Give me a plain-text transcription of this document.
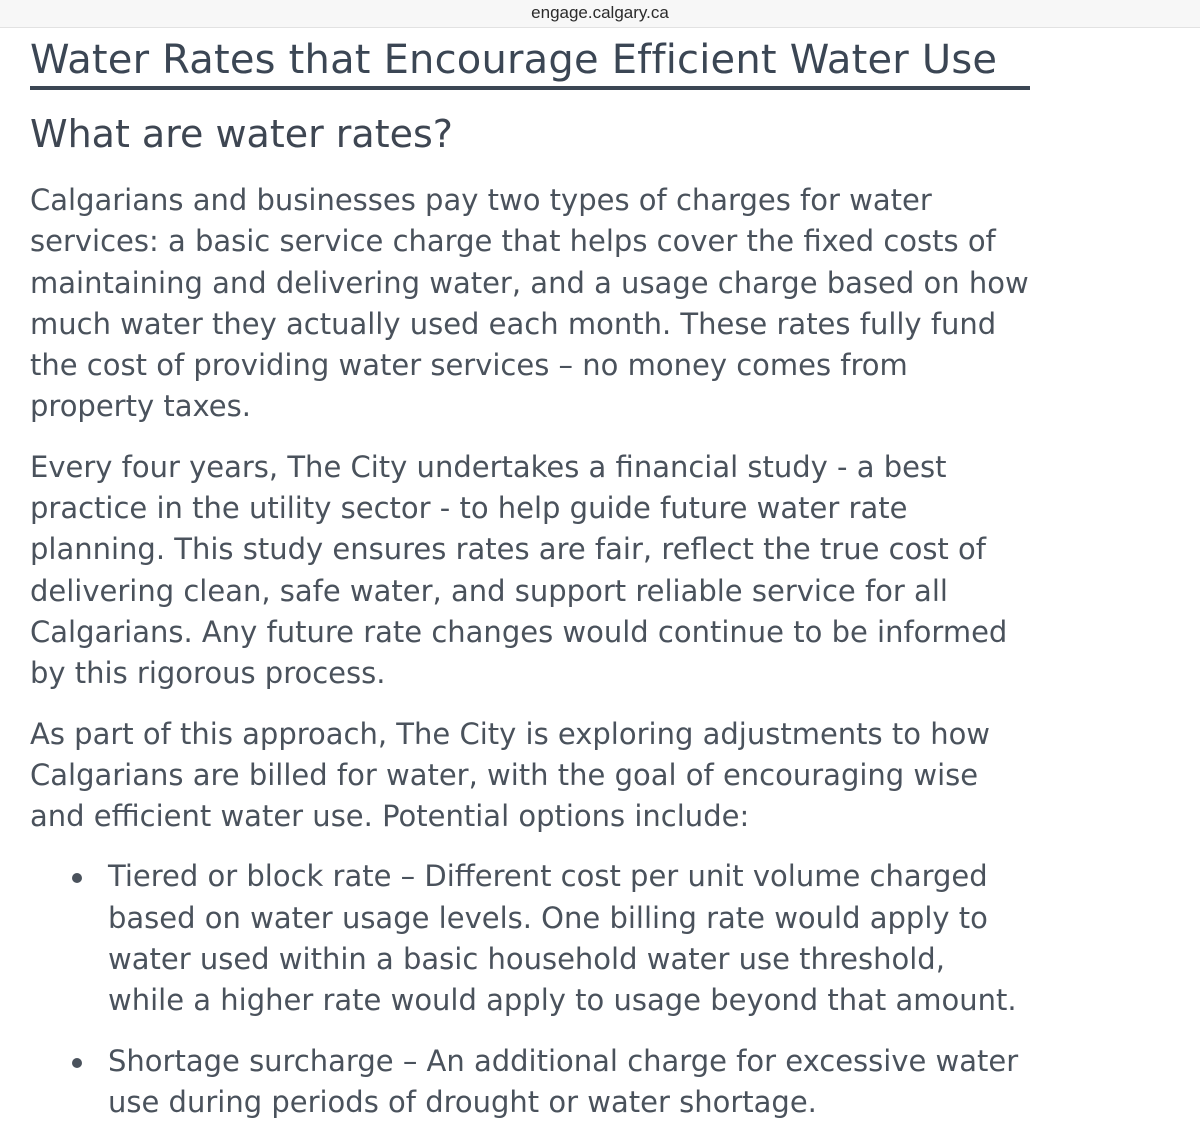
engage.calgary.ca
Water Rates that Encourage Efficient Water Use
What are water rates?

Calgarians and businesses pay two types of charges for water services: a basic service charge that helps cover the fixed costs of maintaining and delivering water, and a usage charge based on how much water they actually used each month. These rates fully fund the cost of providing water services – no money comes from property taxes.

Every four years, The City undertakes a financial study - a best practice in the utility sector - to help guide future water rate planning. This study ensures rates are fair, reflect the true cost of delivering clean, safe water, and support reliable service for all Calgarians. Any future rate changes would continue to be informed by this rigorous process.

As part of this approach, The City is exploring adjustments to how Calgarians are billed for water, with the goal of encouraging wise and efficient water use. Potential options include:

Tiered or block rate – Different cost per unit volume charged based on water usage levels. One billing rate would apply to water used within a basic household water use threshold, while a higher rate would apply to usage beyond that amount.
Shortage surcharge – An additional charge for excessive water use during periods of drought or water shortage.
